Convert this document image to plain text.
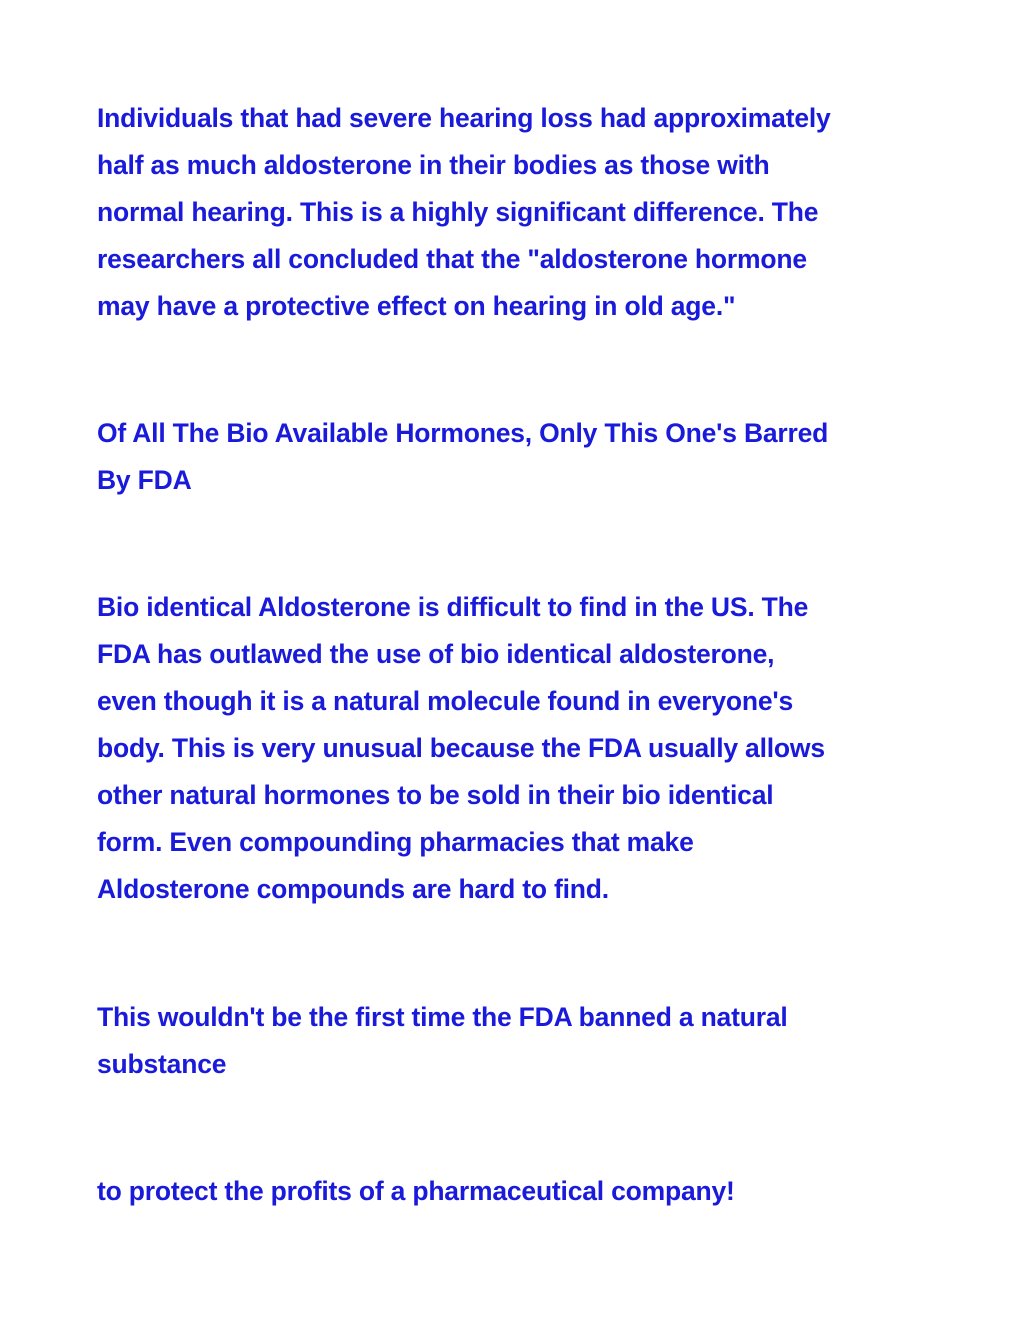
Individuals that had severe hearing loss had approximately
half as much aldosterone in their bodies as those with
normal hearing. This is a highly significant difference. The
researchers all concluded that the "aldosterone hormone
may have a protective effect on hearing in old age."

Of All The Bio Available Hormones, Only This One's Barred
By FDA

Bio identical Aldosterone is difficult to find in the US. The
FDA has outlawed the use of bio identical aldosterone,
even though it is a natural molecule found in everyone's
body. This is very unusual because the FDA usually allows
other natural hormones to be sold in their bio identical
form. Even compounding pharmacies that make
Aldosterone compounds are hard to find.

This wouldn't be the first time the FDA banned a natural
substance

to protect the profits of a pharmaceutical company!
